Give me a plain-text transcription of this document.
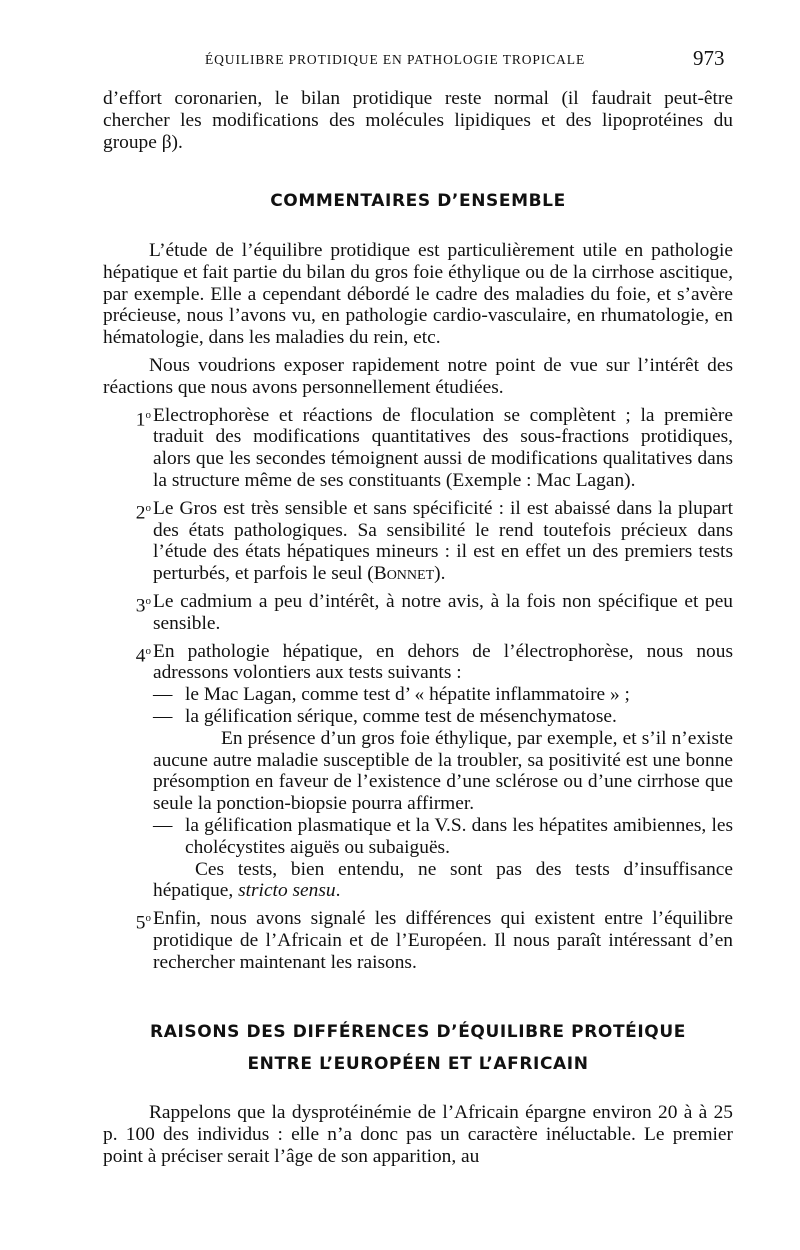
ÉQUILIBRE PROTIDIQUE EN PATHOLOGIE TROPICALE	973

d’effort coronarien, le bilan protidique reste normal (il faudrait peut-être chercher les modifications des molécules lipidiques et des lipoprotéines du groupe β).

COMMENTAIRES D’ENSEMBLE

L’étude de l’équilibre protidique est particulièrement utile en pathologie hépatique et fait partie du bilan du gros foie éthylique ou de la cirrhose ascitique, par exemple. Elle a cependant débordé le cadre des maladies du foie, et s’avère précieuse, nous l’avons vu, en pathologie cardio-vasculaire, en rhumatologie, en hématologie, dans les maladies du rein, etc.

Nous voudrions exposer rapidement notre point de vue sur l’intérêt des réactions que nous avons personnellement étudiées.

1$^o$ Electrophorèse et réactions de floculation se complètent ; la première traduit des modifications quantitatives des sous-fractions protidiques, alors que les secondes témoignent aussi de modifications qualitatives dans la structure même de ses constituants (Exemple : Mac Lagan).

2$^o$ Le Gros est très sensible et sans spécificité : il est abaissé dans la plupart des états pathologiques. Sa sensibilité le rend toutefois précieux dans l’étude des états hépatiques mineurs : il est en effet un des premiers tests perturbés, et parfois le seul (Bonnet).

3$^o$ Le cadmium a peu d’intérêt, à notre avis, à la fois non spécifique et peu sensible.

4$^o$ En pathologie hépatique, en dehors de l’électrophorèse, nous nous adressons volontiers aux tests suivants :

— le Mac Lagan, comme test d’ « hépatite inflammatoire » ;
— la gélification sérique, comme test de mésenchymatose.

En présence d’un gros foie éthylique, par exemple, et s’il n’existe aucune autre maladie susceptible de la troubler, sa positivité est une bonne présomption en faveur de l’existence d’une sclérose ou d’une cirrhose que seule la ponction-biopsie pourra affirmer.

— la gélification plasmatique et la V.S. dans les hépatites amibiennes, les cholécystites aiguës ou subaiguës.

Ces tests, bien entendu, ne sont pas des tests d’insuffisance hépatique, stricto sensu.

5$^o$ Enfin, nous avons signalé les différences qui existent entre l’équilibre protidique de l’Africain et de l’Européen. Il nous paraît intéressant d’en rechercher maintenant les raisons.

RAISONS DES DIFFÉRENCES D’ÉQUILIBRE PROTÉIQUE
ENTRE L’EUROPÉEN ET L’AFRICAIN

Rappelons que la dysprotéinémie de l’Africain épargne environ 20 à à 25 p. 100 des individus : elle n’a donc pas un caractère inéluctable. Le premier point à préciser serait l’âge de son apparition, au
